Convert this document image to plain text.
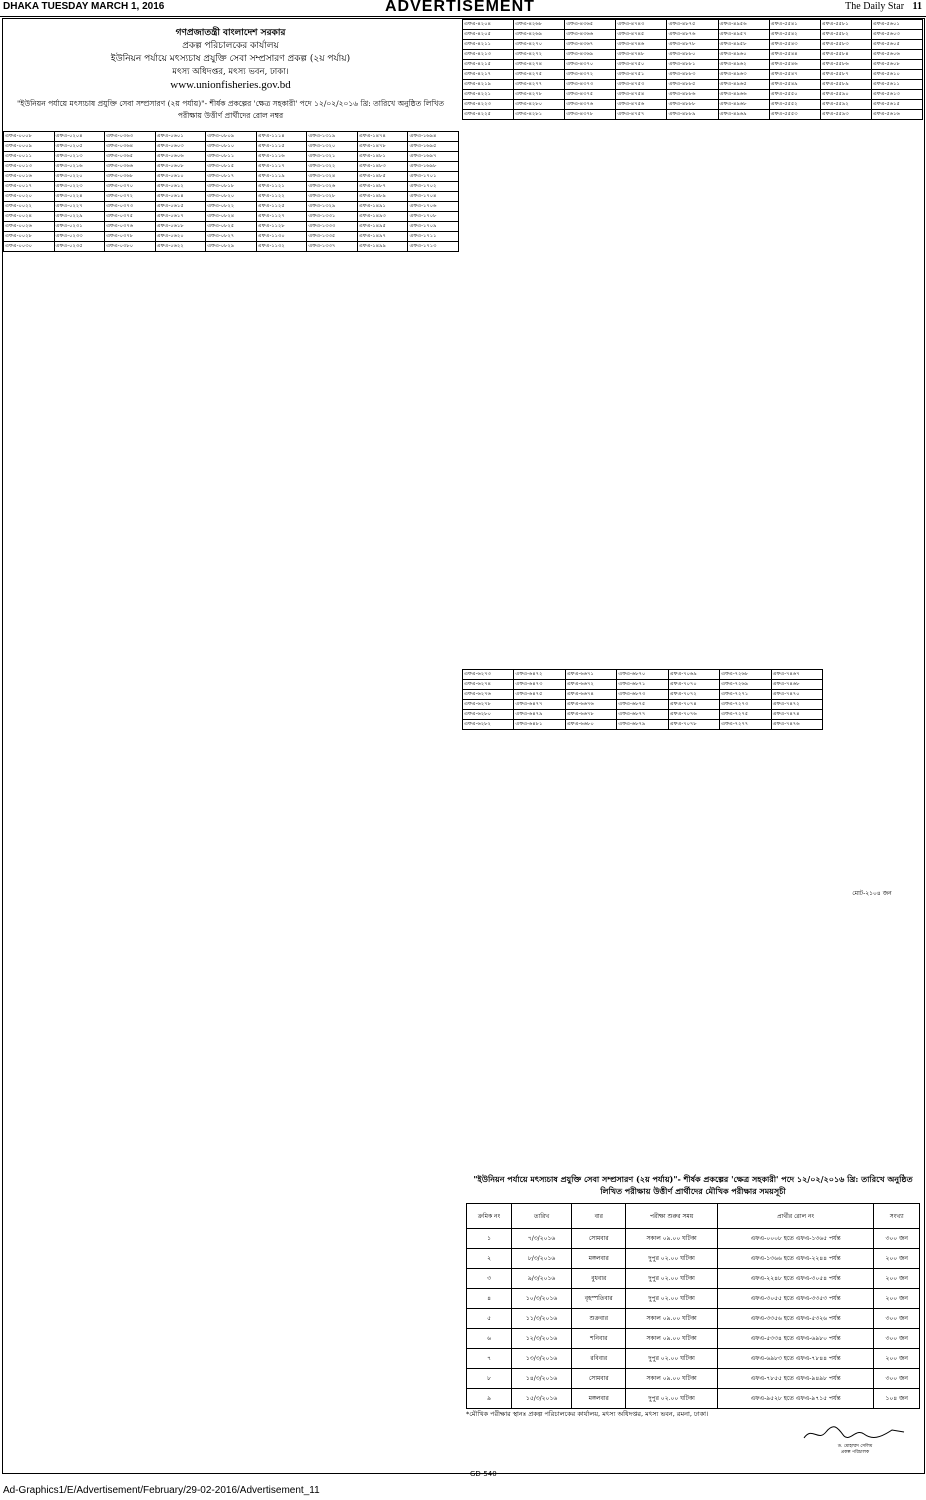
DHAKA TUESDAY MARCH 1, 2016	ADVERTISEMENT	The Daily Star 11
গণপ্রজাতন্ত্রী বাংলাদেশ সরকার
প্রকল্প পরিচালকের কার্যালয়
ইউনিয়ন পর্যায়ে মৎস্যচাষ প্রযুক্তি সেবা সম্প্রসারণ প্রকল্প (২য় পর্যায়)
মৎস্য অধিদপ্তর, মৎস্য ভবন, ঢাকা।
www.unionfisheries.gov.bd
"ইউনিয়ন পর্যায়ে মৎস্যচাষ প্রযুক্তি সেবা সম্প্রসারণ (২য় পর্যায়)"- শীর্ষক প্রকল্পের 'ক্ষেত্র সহকারী' পদে ১২/০২/২০১৬ খ্রি: তারিখে অনুষ্ঠিত লিখিত পরীক্ষায় উত্তীর্ণ প্রার্থীদের রোল নম্বর
এফএ-০০০৮	এফএ-০২০৪	এফএ-০৩৬৩	এফএ-০৬০১	এফএ-০৮০৯	এফএ-১১১৪	এফএ-১৩১৯	এফএ-১৪৭৪	এফএ-১৬৯৪
এফএ-০০০৯	এফএ-০২০৫	এফএ-০৩৬৪	এফএ-০৬০৩	এফএ-০৮১০	এফএ-১১১৫	এফএ-১৩২০	এফএ-১৪৭৮	এফএ-১৬৯৫
এফএ-০০১১	এফএ-০২১৩	এফএ-০৩৬৫	এফএ-০৬০৬	এফএ-০৮১১	এফএ-১১১৬	এফএ-১৩২১	এফএ-১৪৮১	এফএ-১৬৯৭
এফএ-০০১৩	এফএ-০২১৬	এফএ-০৩৬৬	এফএ-০৬০৮	এফএ-০৮১৫	এফএ-১১১৭	এফএ-১৩২২	এফএ-১৪৮৩	এফএ-১৬৯৮
এফএ-০০১৬	এফএ-০২২০	এফএ-০৩৬৮	এফএ-০৬১০	এফএ-০৮১৭	এফএ-১১১৯	এফএ-১৩২৪	এফএ-১৪৮৫	এফএ-১৭০১
এফএ-০০১৭	এফএ-০২২৩	এফএ-০৩৭০	এফএ-০৬১২	এফএ-০৮১৮	এফএ-১১২১	এফএ-১৩২৬	এফএ-১৪৮৭	এফএ-১৭০২
এফএ-০০২০	এফএ-০২২৪	এফএ-০৩৭২	এফএ-০৬১৪	এফএ-০৮২০	এফএ-১১২২	এফএ-১৩২৮	এফএ-১৪৮৯	এফএ-১৭০৪
এফএ-০০২২	এফএ-০২২৭	এফএ-০৩৭৩	এফএ-০৬১৫	এফএ-০৮২২	এফএ-১১২৫	এফএ-১৩২৯	এফএ-১৪৯১	এফএ-১৭০৬
এফএ-০০২৪	এফএ-০২২৯	এফএ-০৩৭৫	এফএ-০৬১৭	এফএ-০৮২৪	এফএ-১১২৭	এফএ-১৩৩১	এফএ-১৪৯৩	এফএ-১৭০৮
এফএ-০০২৬	এফএ-০২৩১	এফএ-০৩৭৬	এফএ-০৬১৮	এফএ-০৮২৫	এফএ-১১২৮	এফএ-১৩৩৩	এফএ-১৪৯৫	এফএ-১৭০৯
এফএ-০০২৮	এফএ-০২৩৩	এফএ-০৩৭৮	এফএ-০৬২০	এফএ-০৮২৭	এফএ-১১৩০	এফএ-১৩৩৫	এফএ-১৪৯৭	এফএ-১৭১১
এফএ-০০৩০	এফএ-০২৩৫	এফএ-০৩৮০	এফএ-০৬২২	এফএ-০৮২৯	এফএ-১১৩২	এফএ-১৩৩৭	এফএ-১৪৯৯	এফএ-১৭১৩
এফএ-৪২০৪	এফএ-৪২৬৮	এফএ-৪৩৬৫	এফএ-৪৭৪৩	এফএ-৪৮৭৫	এফএ-৪৯৫৬	এফএ-৫৫৪১	এফএ-৫৫৮১	এফএ-৫৬০১
এফএ-৪২০৫	এফএ-৪২৬৯	এফএ-৪৩৬৬	এফএ-৪৭৪৫	এফএ-৪৮৭৬	এফএ-৪৯৫৭	এফএ-৫৫৪২	এফএ-৫৫৮২	এফএ-৫৬০৩
এফএ-৪২১১	এফএ-৪২৭০	এফএ-৪৩৬৭	এফএ-৪৭৪৬	এফএ-৪৮৭৮	এফএ-৪৯৫৮	এফএ-৫৫৪৩	এফএ-৫৫৮৩	এফএ-৫৬০৫
এফএ-৪২১৩	এফএ-৪২৭২	এফএ-৪৩৬৯	এফএ-৪৭৪৮	এফএ-৪৮৮০	এফএ-৪৯৬০	এফএ-৫৫৪৪	এফএ-৫৫৮৪	এফএ-৫৬০৬
এফএ-৪২১৫	এফএ-৪২৭৪	এফএ-৪৩৭০	এফএ-৪৭৫০	এফএ-৪৮৮১	এফএ-৪৯৬২	এফএ-৫৫৪৬	এফএ-৫৫৮৬	এফএ-৫৬০৮
এফএ-৪২১৭	এফএ-৪২৭৫	এফএ-৪৩৭২	এফএ-৪৭৫১	এফএ-৪৮৮৩	এফএ-৪৯৬৩	এফএ-৫৫৪৭	এফএ-৫৫৮৭	এফএ-৫৬১০
এফএ-৪২১৯	এফএ-৪২৭৭	এফএ-৪৩৭৩	এফএ-৪৭৫৩	এফএ-৪৮৮৫	এফএ-৪৯৬৫	এফএ-৫৫৪৯	এফএ-৫৫৮৯	এফএ-৫৬১১
এফএ-৪২২১	এফএ-৪২৭৮	এফএ-৪৩৭৫	এফএ-৪৭৫৪	এফএ-৪৮৮৬	এফএ-৪৯৬৬	এফএ-৫৫৫০	এফএ-৫৫৯০	এফএ-৫৬১৩
এফএ-৪২২৩	এফএ-৪২৮০	এফএ-৪৩৭৬	এফএ-৪৭৫৬	এফএ-৪৮৮৮	এফএ-৪৯৬৮	এফএ-৫৫৫২	এফএ-৫৫৯২	এফএ-৫৬১৫
এফএ-৪২২৫	এফএ-৪২৮১	এফএ-৪৩৭৮	এফএ-৪৭৫৭	এফএ-৪৮৮৯	এফএ-৪৯৬৯	এফএ-৫৫৫৩	এফএ-৫৫৯৩	এফএ-৫৬১৬
এফএ-৬২৭৩	এফএ-৬৪৭২	এফএ-৬৬৭১	এফএ-৬৮৭০	এফএ-৭০৬৯	এফএ-৭২৬৮	এফএ-৭৪৬৭
এফএ-৬২৭৪	এফএ-৬৪৭৩	এফএ-৬৬৭২	এফএ-৬৮৭১	এফএ-৭০৭০	এফএ-৭২৬৯	এফএ-৭৪৬৮
এফএ-৬২৭৬	এফএ-৬৪৭৫	এফএ-৬৬৭৪	এফএ-৬৮৭৩	এফএ-৭০৭২	এফএ-৭২৭১	এফএ-৭৪৭০
এফএ-৬২৭৮	এফএ-৬৪৭৭	এফএ-৬৬৭৬	এফএ-৬৮৭৫	এফএ-৭০৭৪	এফএ-৭২৭৩	এফএ-৭৪৭২
এফএ-৬২৮০	এফএ-৬৪৭৯	এফএ-৬৬৭৮	এফএ-৬৮৭৭	এফএ-৭০৭৬	এফএ-৭২৭৫	এফএ-৭৪৭৪
এফএ-৬২৮২	এফএ-৬৪৮১	এফএ-৬৬৮০	এফএ-৬৮৭৯	এফএ-৭০৭৮	এফএ-৭২৭৭	এফএ-৭৪৭৬
মোট-২১০৪ জন
"ইউনিয়ন পর্যায়ে মৎস্যচাষ প্রযুক্তি সেবা সম্প্রসারণ (২য় পর্যায়)"- শীর্ষক প্রকল্পের 'ক্ষেত্র সহকারী' পদে ১২/০২/২০১৬ খ্রি: তারিখে অনুষ্ঠিত লিখিত পরীক্ষায় উত্তীর্ণ প্রার্থীদের মৌখিক পরীক্ষার সময়সূচী
ক্রমিক নং	তারিখ	বার	পরীক্ষা শুরুর সময়	প্রার্থীর রোল নং	সংখ্যা
১	৭/৩/২০১৬	সোমবার	সকাল ০৯.০০ ঘটিকা	এফএ-০০০৮ হতে এফএ-১৩৬৫ পর্যন্ত	৩০০ জন
২	৮/৩/২০১৬	মঙ্গলবার	দুপুর ০২.০০ ঘটিকা	এফএ-১৩৬৬ হতে এফএ-২২৪৪ পর্যন্ত	২০০ জন
৩	৯/৩/২০১৬	বুধবার	দুপুর ০২.০০ ঘটিকা	এফএ-২২৪৮ হতে এফএ-৩০৫৪ পর্যন্ত	২০০ জন
৪	১০/৩/২০১৬	বৃহস্পতিবার	দুপুর ০২.০০ ঘটিকা	এফএ-৩০৫৫ হতে এফএ-৩৩৫৩ পর্যন্ত	২০০ জন
৫	১১/৩/২০১৬	শুক্রবার	সকাল ০৯.০০ ঘটিকা	এফএ-৩৩৫৬ হতে এফএ-৫৩২৬ পর্যন্ত	৩০০ জন
৬	১২/৩/২০১৬	শনিবার	সকাল ০৯.০০ ঘটিকা	এফএ-৫৩৩৪ হতে এফএ-৬৯৮০ পর্যন্ত	৩০০ জন
৭	১৩/৩/২০১৬	রবিবার	দুপুর ০২.০০ ঘটিকা	এফএ-৬৯৮৩ হতে এফএ-৭৮৪৪ পর্যন্ত	২০০ জন
৮	১৪/৩/২০১৬	সোমবার	সকাল ০৯.০০ ঘটিকা	এফএ-৭৮৫৫ হতে এফএ-৯৪৯৮ পর্যন্ত	৩০০ জন
৯	১৫/৩/২০১৬	মঙ্গলবার	দুপুর ০২.০০ ঘটিকা	এফএ-৯৫২৮ হতে এফএ-৯৭১৫ পর্যন্ত	১০৪ জন
*মৌখিক পরীক্ষার স্থানঃ প্রকল্প পরিচালকের কার্যালয়, মৎস্য অধিদপ্তর, মৎস্য ভবন, রমনা, ঢাকা।
ড. মোহাম্মদ সেলিম
প্রকল্প পরিচালক
GD-540
Ad-Graphics1/E/Advertisement/February/29-02-2016/Advertisement_11
